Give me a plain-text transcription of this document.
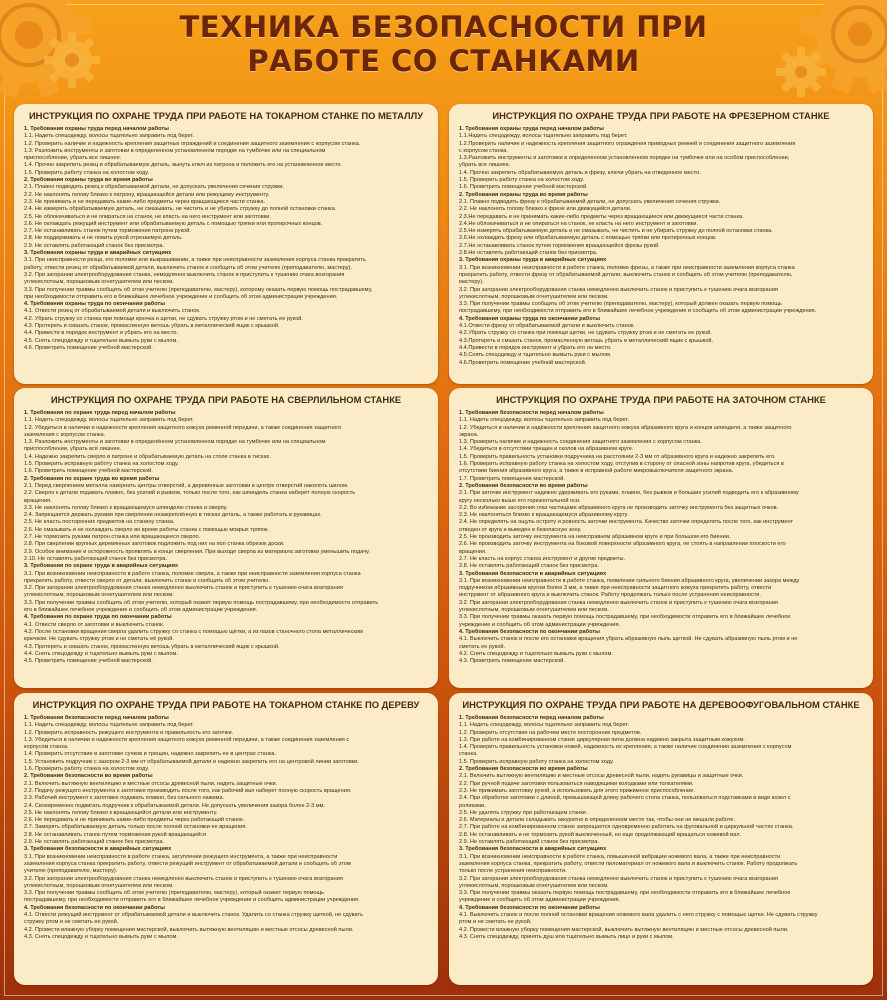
ТЕХНИКА БЕЗОПАСНОСТИ ПРИ
РАБОТЕ СО СТАНКАМИ
ИНСТРУКЦИЯ ПО ОХРАНЕ ТРУДА ПРИ РАБОТЕ НА ТОКАРНОМ СТАНКЕ ПО МЕТАЛЛУ
1. Требования охраны труда перед началом работы
1.1. Надеть спецодежду, волосы тщательно заправить под берет.
1.2. Проверить наличие и надежность крепления защитных ограждений и соединения защитного заземления с корпусом станка.
1.3. Разложить инструменты и заготовки в определенном установленном порядке на тумбочке или на специальном
приспособлении, убрать все лишнее.
1.4. Прочно закрепить резец и обрабатываемую деталь, вынуть ключ из патрона и положить его на установленное место.
1.5. Проверить работу станка на холостом ходу.
2. Требования охраны труда во время работы
2.1. Плавно подводить резец к обрабатываемой детали, не допускать увеличения сечения стружки.
2.2. Не наклонять голову близко к патрону, вращающейся детали или режущему инструменту.
2.3. Не принимать и не передавать какие-либо предметы через вращающиеся части станка.
2.4. Не измерять обрабатываемую деталь, не смазывать, не чистить и не убирать стружку до полной остановки станка.
2.5. Не облокачиваться и не опираться на станок, не класть на него инструмент или заготовки.
2.6. Не охлаждать режущий инструмент или обрабатываемую деталь с помощью тряпки или протирочных концов.
2.7. Не останавливать станок путем торможения патрона рукой.
2.8. Не поддерживать и не ловить рукой отрезаемую деталь.
2.9. Не оставлять работающий станок без присмотра.
3. Требования охраны труда в аварийных ситуациях
3.1. При неисправности резца, его поломке или выкрашивании, а также при неисправности заземления корпуса станка прекратить
работу, отвести резец от обрабатываемой детали, выключить станок и сообщить об этом учителю (преподавателю, мастеру).
3.2. При загорании электрооборудования станка, немедленно выключить станок и приступить к тушению очага возгорания
углекислотным, порошковым огнетушителем или песком.
3.3. При получении травмы сообщить об этом учителю (преподавателю, мастеру), которому оказать первую помощь пострадавшему,
при необходимости отправить его в ближайшее лечебное учреждение и сообщить об этом администрации учреждения.
4. Требования охраны труда по окончании работы
4.1. Отвести резец от обрабатываемой детали и выключить станок.
4.2. Убрать стружку со станка при помощи крючка и щетки, не сдувать стружку ртом и не сметать ее рукой.
4.3. Протереть и смазать станок, промасленную ветошь убрать в металлический ящик с крышкой.
4.4. Привести в порядок инструмент и убрать его на место.
4.5. Снять спецодежду и тщательно вымыть руки с мылом.
4.6. Проветрить помещение учебной мастерской.
ИНСТРУКЦИЯ ПО ОХРАНЕ ТРУДА ПРИ РАБОТЕ НА ФРЕЗЕРНОМ СТАНКЕ
1. Требования охраны труда перед началом работы
1.1.Надеть спецодежду, волосы тщательно заправить под берет.
1.2.Проверить наличие и надежность крепления защитного ограждения приводных ремней и соединения защитного заземления
с корпусом станка.
1.3.Разложить инструменты и заготовки в определенном установленном порядке на тумбочке или на особом приспособлении,
убрать все лишнее.
1.4. Прочно закрепить обрабатываемую деталь и фрезу, ключи убрать на отведенное место.
1.5. Проверить работу станка на холостом ходу.
1.6. Проветрить помещение учебной мастерской.
2. Требования охраны труда во время работы
2.1. Плавно подводить фрезу к обрабатываемой детали, не допускать увеличения сечения стружки.
2.2. Не наклонять голову близко к фрезе или движущейся детали.
2.3.Не передавать и не принимать какие-либо предметы через вращающиеся или движущиеся части станка.
2.4.Не облокачиваться и не опираться на станок, не класть на него инструмент и заготовки.
2.5.Не измерять обрабатываемую деталь и не смазывать, не чистить и не убирать стружку до полной остановки станка.
2.6.Не охлаждать фрезу или обрабатываемую деталь с помощью тряпки или протирочных концов.
2.7.Не останавливать станок путем торможения вращающейся фрезы рукой.
2.8.Не оставлять работающий станок без присмотра.
3. Требования охраны труда в аварийных ситуациях
3.1. При возникновении неисправности в работе станка, поломке фрезы, а также при неисправности заземления корпуса станка
прекратить работу, отвести фрезу от обрабатываемой детали, выключить станок и сообщить об этом учителю (преподавателю,
мастеру).
3.2. При загорании электрооборудования станка немедленно выключить станок и приступить к тушению очага возгорания
углекислотным, порошковым огнетушителем или песком.
3.3. При получении травмы сообщить об этом учителю (преподавателю, мастеру), который должен оказать первую помощь
пострадавшему, при необходимости отправить его в ближайшее лечебное учреждение и сообщить об этом администрации учреждения.
4. Требования охраны труда по окончании работы
4.1.Отвести фрезу от обрабатываемой детали и выключить станок.
4.2.Убрать стружку со станка при помощи щетки, не сдувать стружку ртом и не сметать ее рукой.
4.3.Протереть и смазать станок, промасленную ветошь убрать в металлический ящик с крышкой.
4.4.Привести в порядок инструмент и убрать его на место.
4.5.Снять спецодежду и тщательно вымыть руки с мылом.
4.6.Проветрить помещение учебной мастерской.
ИНСТРУКЦИЯ ПО ОХРАНЕ ТРУДА ПРИ РАБОТЕ НА СВЕРЛИЛЬНОМ СТАНКЕ
1. Требования по охране труда перед началом работы
1.1. Надеть спецодежду, волосы тщательно заправить под берет.
1.2. Убедиться в наличии и надежности крепления защитного кожуха ременной передачи, а также соединения защитного
заземления с корпусом станка.
1.3. Разложить инструменты и заготовки в определённом установленном порядке на тумбочке или на специальном
приспособлении, убрать всё лишнее.
1.4. Надежно закрепить сверло в патроне и обрабатываемую деталь на столе станка в тисках.
1.5. Проверить исправную работу станка на холостом ходу.
1.6. Проветрить помещение учебной мастерской.
2. Требования по охране труда во время работы
2.1. Перед сверлением металла накернить центры отверстий, а деревянные заготовки в центре отверстий наколоть шилом.
2.2. Сверло к детали подавать плавно, без усилий и рывков, только после того, как шпиндель станка наберёт полную скорость
вращения.
2.3. Не наклонять голову близко к вращающемуся шпинделю станка и сверлу.
2.4. Запрещается держать руками при сверлении незакреплённую в тисках деталь, а также работать в рукавицах.
2.5. Не класть посторонних предметов на станину станка.
2.6. Не смазывать и не охлаждать сверло во время работы станка с помощью мокрых тряпок.
2.7. Не тормозить руками патрон станка или вращающееся сверло.
2.8. При сверлении крупных деревянных заготовок подложить под них на пол станка обрезок доски.
2.9. Особое внимание и осторожность проявлять в конце сверления. При выходе сверла из материала заготовки уменьшить подачу.
2.10. Не оставлять работающий станок без присмотра.
3. Требования по охране труда в аварийных ситуациях
3.1. При возникновении неисправности в работе станка, поломке сверла, а также при неисправности заземления корпуса станка
прекратить работу, отвести сверло от детали, выключить станок и сообщить об этом учителю.
3.2. При загорании электрооборудования станка немедленно выключить станок и приступить к тушению очага возгорания
углекислотным, порошковым огнетушителем или песком.
3.3. При получении травмы сообщить об этом учителю, который окажет первую помощь пострадавшему, при необходимости отправить
его в ближайшее лечебное учреждение и сообщить об этом администрации учреждения.
4. Требования по охране труда по окончании работы
4.1. Отвести сверло от заготовки и выключить станок.
4.2. После остановки вращения сверла удалить стружку со станка с помощью щётки, а из пазов станочного стола металлическим
крючком. Не сдувать стружку ртом и не сметать её рукой.
4.3. Протереть и смазать станок, промасленную ветошь убрать в металлический ящик с крышкой.
4.4. Снять спецодежду и тщательно вымыть руки с мылом.
4.5. Проветрить помещение учебной мастерской.
ИНСТРУКЦИЯ ПО ОХРАНЕ ТРУДА ПРИ РАБОТЕ НА ЗАТОЧНОМ СТАНКЕ
1. Требования безопасности перед началом работы
1.1. Надеть спецодежду, волосы тщательно заправить под берет.
1.2. Убедиться в наличии и надёжности крепления защитного кожуха абразивного круга и концов шпинделя, а также защитного
экрана.
1.3. Проверить наличие и надежность соединения защитного заземления с корпусом станка.
1.4. Убедиться в отсутствии трещин и сколов на абразивном круге.
1.5. Проверить правильность установки подручника на расстоянии 2-3 мм от абразивного круга и надежно закрепить его.
1.6. Проверить исправную работу станка на холостом ходу, отступив в сторону от опасной зоны напротив круга, убедиться в
отсутствии биения абразивного круга, а также в исправной работе микровыключателя защитного экрана.
1.7. Проветрить помещение мастерской.
2. Требования безопасности во время работы
2.1. При заточке инструмент надежно удерживать его руками, плавно, без рывков и больших усилий подводить его к абразивному
кругу несколько выше его горизонтальной оси.
2.2. Во избежание засорения глаз частицами абразивного круга не производить заточку инструмента без защитных очков.
2.3. Не наклоняться близко к вращающемуся абразивному кругу.
2.4. Не определять на ощупь остроту и ровность заточки инструмента. Качество заточки определять после того, как инструмент
отведен от круга и выведен в безопасную зону.
2.5. Не производить заточку инструмента на неисправном абразивном круге и при большом его биении.
2.6. Не производить заточку инструмента на боковой поверхности абразивного круга, не стоять в направлении плоскости его
вращения.
2.7. Не класть на корпус станка инструмент и другие предметы.
2.8. Не оставлять работающий станок без присмотра.
3. Требования безопасности в аварийных ситуациях
3.1. При возникновении неисправности в работе станка, появлении сильного биения абразивного круга, увеличении зазора между
подручником абразивным кругом более 3 мм, а также при неисправности защитного кожуха прекратить работу, отвести
инструмент от абразивного круга и выключить станок. Работу продолжать только после устранения неисправности.
3.2. При загорании электрооборудования станка немедленно выключить станок и приступить к тушению очага возгорания
углекислотным, порошковым огнетушителем или песком.
3.3. При получении травмы оказать первую помощь пострадавшему, при необходимости отправить его в ближайшее лечебное
учреждение и сообщить об этом администрации учреждения.
4. Требования безопасности по окончании работы
4.1. Выключить станок и после его остановки вращения убрать абразивную пыль щеткой. Не сдувать абразивную пыль ртом и не
сметать ее рукой.
4.2. Снять спецодежду и тщательно вымыть руки с мылом.
4.3. Проветрить помещение мастерской.
ИНСТРУКЦИЯ ПО ОХРАНЕ ТРУДА ПРИ РАБОТЕ НА ТОКАРНОМ СТАНКЕ ПО ДЕРЕВУ
1. Требования безопасности перед началом работы
1.1. Надеть спецодежду, волосы тщательно заправить под берет.
1.2. Проверить исправность режущего инструмента и правильность его заточки.
1.3. Убедиться в наличии и надежности крепления защитного кожуха ременной передачи, а также соединения заземления с
корпусом станка.
1.4. Проверить отсутствие в заготовке сучков и трещин, надежно закрепить ее в центрах станка.
1.5. Установить подручник с зазором 2-3 мм от обрабатываемой детали и надежно закрепить его на центровой линии заготовки.
1.6. Проверить работу станка на холостом ходу.
2. Требования безопасности во время работы
2.1. Включить вытяжную вентиляцию и местные отсосы древесной пыли, надеть защитные очки.
2.2. Подачу режущего инструмента к заготовке производить после того, как рабочий вал наберет полную скорость вращения.
2.3. Рабочий инструмент к заготовке подавать плавно, без сильного нажима.
2.4. Своевременно подвигать подручник к обрабатываемой детали. Не допускать увеличения зазора более 2-3 мм.
2.5. Не наклонять голову близко к вращающейся детали или инструменту.
2.6. Не передавать и не принимать какие-либо предметы через работающий станок.
2.7. Замерять обрабатываемую деталь только после полной остановки ее вращения.
2.8. Не останавливать станок путем торможения рукой вращающейся
2.9. Не оставлять работающий станок без присмотра.
3. Требования безопасности в аварийных ситуациях
3.1. При возникновении неисправности в работе станка, затуплении режущего инструмента, а также при неисправности
заземления корпуса станка прекратить работу, отвести режущий инструмент от обрабатываемой детали и сообщить об этом
учителю (преподавателю, мастеру).
3.2. При загорании электрооборудования станка немедленно выключить станок и приступить к тушению очага возгорания
углекислотным, порошковым огнетушителем или песком.
3.3. При получении травмы сообщить об этом учителю (преподавателю, мастеру), который окажет первую помощь
пострадавшему, при необходимости отправить его в ближайшее лечебное учреждение и сообщить администрации учреждения.
4. Требования безопасности по окончании работы
4.1. Отвести режущий инструмент от обрабатываемой детали и выключить станок. Удалить со станка стружку щеткой, не сдувать
стружку ртом и не сметать ее рукой.
4.2. Провести влажную уборку помещения мастерской, выключить вытяжную вентиляцию и местные отсосы древесной пыли.
4.3. Снять спецодежду и тщательно вымыть руки с мылом.
ИНСТРУКЦИЯ ПО ОХРАНЕ ТРУДА ПРИ РАБОТЕ НА ДЕРЕВООФУГОВАЛЬНОМ СТАНКЕ
1. Требования безопасности перед началом работы
1.1. Надеть спецодежду, волосы тщательно заправить под берет.
1.2. Проверить отсутствие на рабочем месте посторонних предметов.
1.3. При работе на комбинированном станке циркулярная пила должна надежно закрыта защитным кожухом.
1.4. Проверить правильность установки ножей, надежность их крепления, а также наличие соединения заземления с корпусом
станка.
1.5. Проверить исправную работу станка на холостом ходу.
2. Требования безопасности во время работы
2.1. Включить вытяжную вентиляцию и местные отсосы древесной пыли, надеть рукавицы и защитные очки.
2.2. При ручной подаче заготовки пользоваться наводящими колодками или толкателями.
2.3. Не прижимать заготовку рукой, а использовать для этого прижимное приспособление.
2.4. При обработке заготовки с длиной, превышающей длину рабочего стола станка, пользоваться подставками в виде козел с
роликами.
2.5. Не удалять стружку при работающем станке.
2.6. Материалы и детали складывать аккуратно в определенном месте так, чтобы они не мешали работе.
2.7. При работе на комбинированном станке запрещается одновременно работать на фуговальной и циркульной частях станка.
2.8. Не останавливать и не тормозить рукой выключенный, но еще продолжающий вращаться ножевой вал.
2.9. Не оставлять работающий станок без присмотра.
3. Требования безопасности в аварийных ситуациях
3.1. При возникновении неисправности в работе станка, повышенной вибрации ножевого вала, а также при неисправности
заземления корпуса станка, прекратить работу, отвести пиломатериал от ножевого вала и выключить станок. Работу продолжать
только после устранения неисправности.
3.2. При загорании электрооборудования станка немедленно выключить станок и приступить к тушению очага возгорания
углекислотным, порошковым огнетушителем или песком.
3.3. При получении травмы оказать первую помощь пострадавшему, при необходимости отправить его в ближайшее лечебное
учреждение и сообщить об этом администрации учреждения.
4. Требования безопасности по окончании работы
4.1. Выключить станок и после полной остановки вращения ножевого вала удалить с него стружку с помощью щетки. Не сдувать стружку
ртом и не сметать ее рукой.
4.2. Провести влажную уборку помещения мастерской, выключить вытяжную вентиляцию и местные отсосы древесной пыли.
4.3. Снять спецодежду, принять душ или тщательно вымыть лицо и руки с мылом.
